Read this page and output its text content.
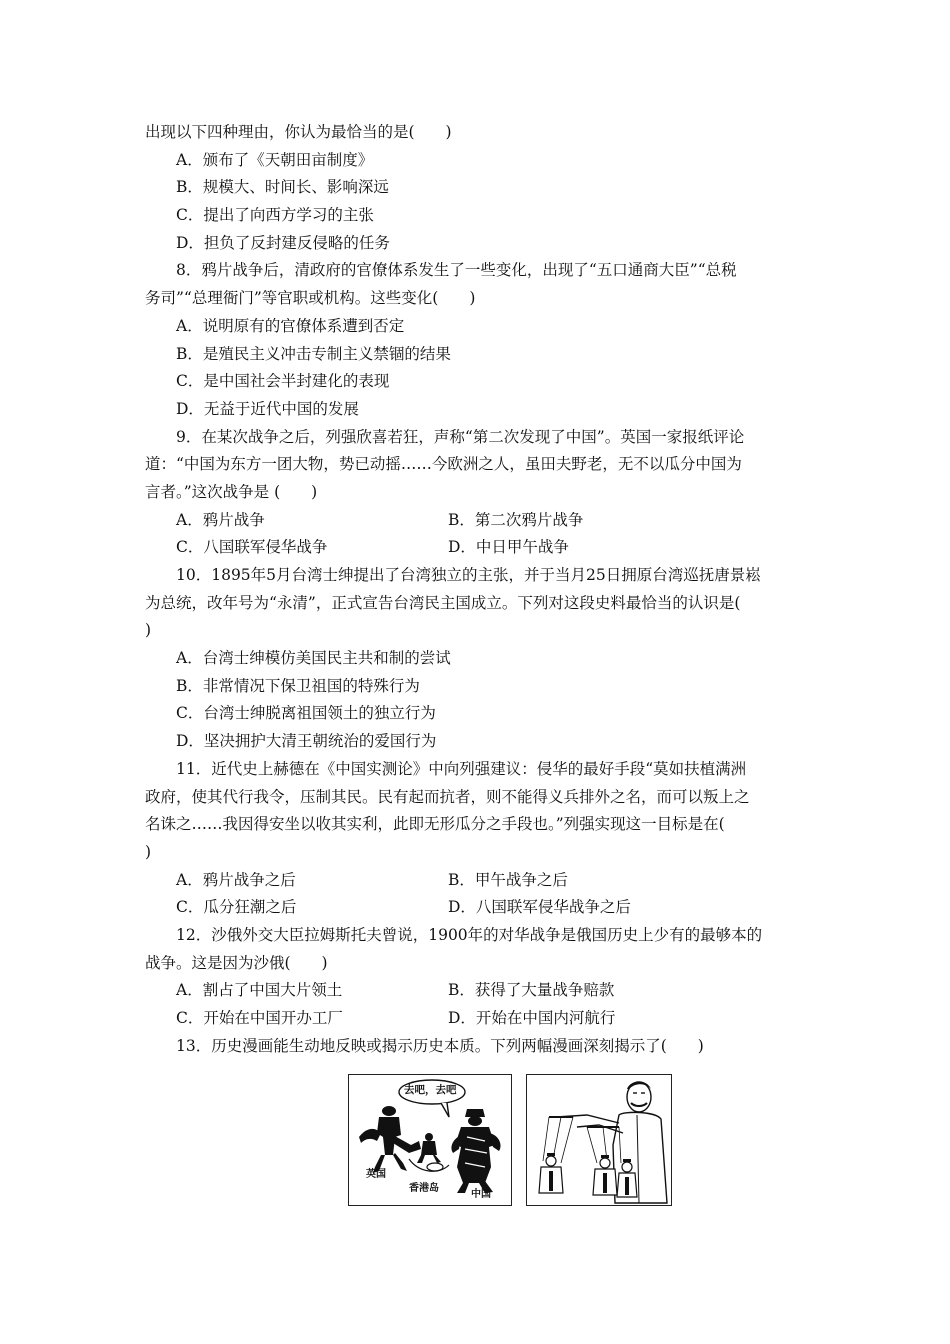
出现以下四种理由，你认为最恰当的是(　　)
A．颁布了《天朝田亩制度》
B．规模大、时间长、影响深远
C．提出了向西方学习的主张
D．担负了反封建反侵略的任务
8．鸦片战争后，清政府的官僚体系发生了一些变化，出现了“五口通商大臣”“总税
务司”“总理衙门”等官职或机构。这些变化(　　)
A．说明原有的官僚体系遭到否定
B．是殖民主义冲击专制主义禁锢的结果
C．是中国社会半封建化的表现
D．无益于近代中国的发展
9．在某次战争之后，列强欣喜若狂，声称“第二次发现了中国”。英国一家报纸评论
道：“中国为东方一团大物，势已动摇……今欧洲之人，虽田夫野老，无不以瓜分中国为
言者。”这次战争是 (　　)
A．鸦片战争	B．第二次鸦片战争
C．八国联军侵华战争	D．中日甲午战争
10．1895年5月台湾士绅提出了台湾独立的主张，并于当月25日拥原台湾巡抚唐景崧
为总统，改年号为“永清”，正式宣告台湾民主国成立。下列对这段史料最恰当的认识是(
)
A．台湾士绅模仿美国民主共和制的尝试
B．非常情况下保卫祖国的特殊行为
C．台湾士绅脱离祖国领土的独立行为
D．坚决拥护大清王朝统治的爱国行为
11．近代史上赫德在《中国实测论》中向列强建议：侵华的最好手段“莫如扶植满洲
政府，使其代行我令，压制其民。民有起而抗者，则不能得义兵排外之名，而可以叛上之
名诛之……我因得安坐以收其实利，此即无形瓜分之手段也。”列强实现这一目标是在(
)
A．鸦片战争之后	B．甲午战争之后
C．瓜分狂潮之后	D．八国联军侵华战争之后
12．沙俄外交大臣拉姆斯托夫曾说，1900年的对华战争是俄国历史上少有的最够本的
战争。这是因为沙俄(　　)
A．割占了中国大片领土	B．获得了大量战争赔款
C．开始在中国开办工厂	D．开始在中国内河航行
13．历史漫画能生动地反映或揭示历史本质。下列两幅漫画深刻揭示了(　　)
去吧，去吧
英国
香港岛
中国
